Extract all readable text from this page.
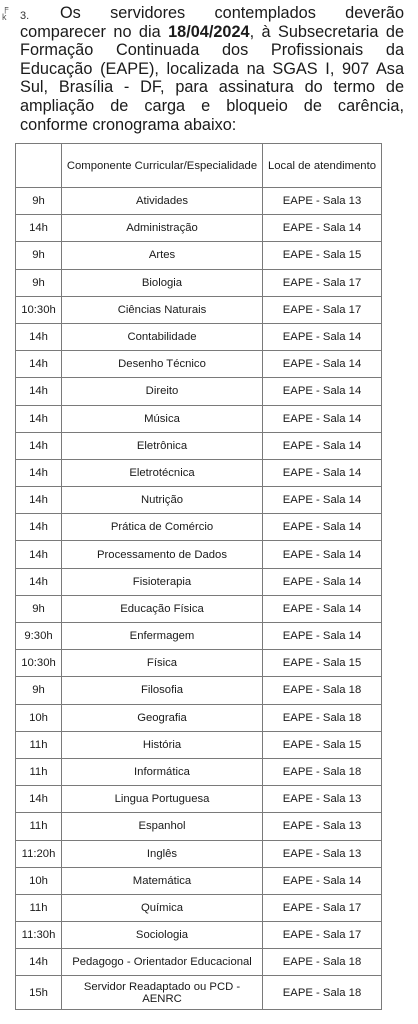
╒
k 3.	Os servidores contemplados deverão comparecer no dia 18/04/2024, à Subsecretaria de Formação Continuada dos Profissionais da Educação (EAPE), localizada na SGAS I, 907 Asa Sul, Brasília - DF, para assinatura do termo de ampliação de carga e bloqueio de carência, conforme cronograma abaixo:

	Componente Curricular/Especialidade	Local de atendimento
9h	Atividades	EAPE - Sala 13
14h	Administração	EAPE - Sala 14
9h	Artes	EAPE - Sala 15
9h	Biologia	EAPE - Sala 17
10:30h	Ciências Naturais	EAPE - Sala 17
14h	Contabilidade	EAPE - Sala 14
14h	Desenho Técnico	EAPE - Sala 14
14h	Direito	EAPE - Sala 14
14h	Música	EAPE - Sala 14
14h	Eletrônica	EAPE - Sala 14
14h	Eletrotécnica	EAPE - Sala 14
14h	Nutrição	EAPE - Sala 14
14h	Prática de Comércio	EAPE - Sala 14
14h	Processamento de Dados	EAPE - Sala 14
14h	Fisioterapia	EAPE - Sala 14
9h	Educação Física	EAPE - Sala 14
9:30h	Enfermagem	EAPE - Sala 14
10:30h	Física	EAPE - Sala 15
9h	Filosofia	EAPE - Sala 18
10h	Geografia	EAPE - Sala 18
11h	História	EAPE - Sala 15
11h	Informática	EAPE - Sala 18
14h	Lingua Portuguesa	EAPE - Sala 13
11h	Espanhol	EAPE - Sala 13
11:20h	Inglês	EAPE - Sala 13
10h	Matemática	EAPE - Sala 14
11h	Química	EAPE - Sala 17
11:30h	Sociologia	EAPE - Sala 17
14h	Pedagogo - Orientador Educacional	EAPE - Sala 18
15h	Servidor Readaptado ou PCD - AENRC	EAPE - Sala 18
